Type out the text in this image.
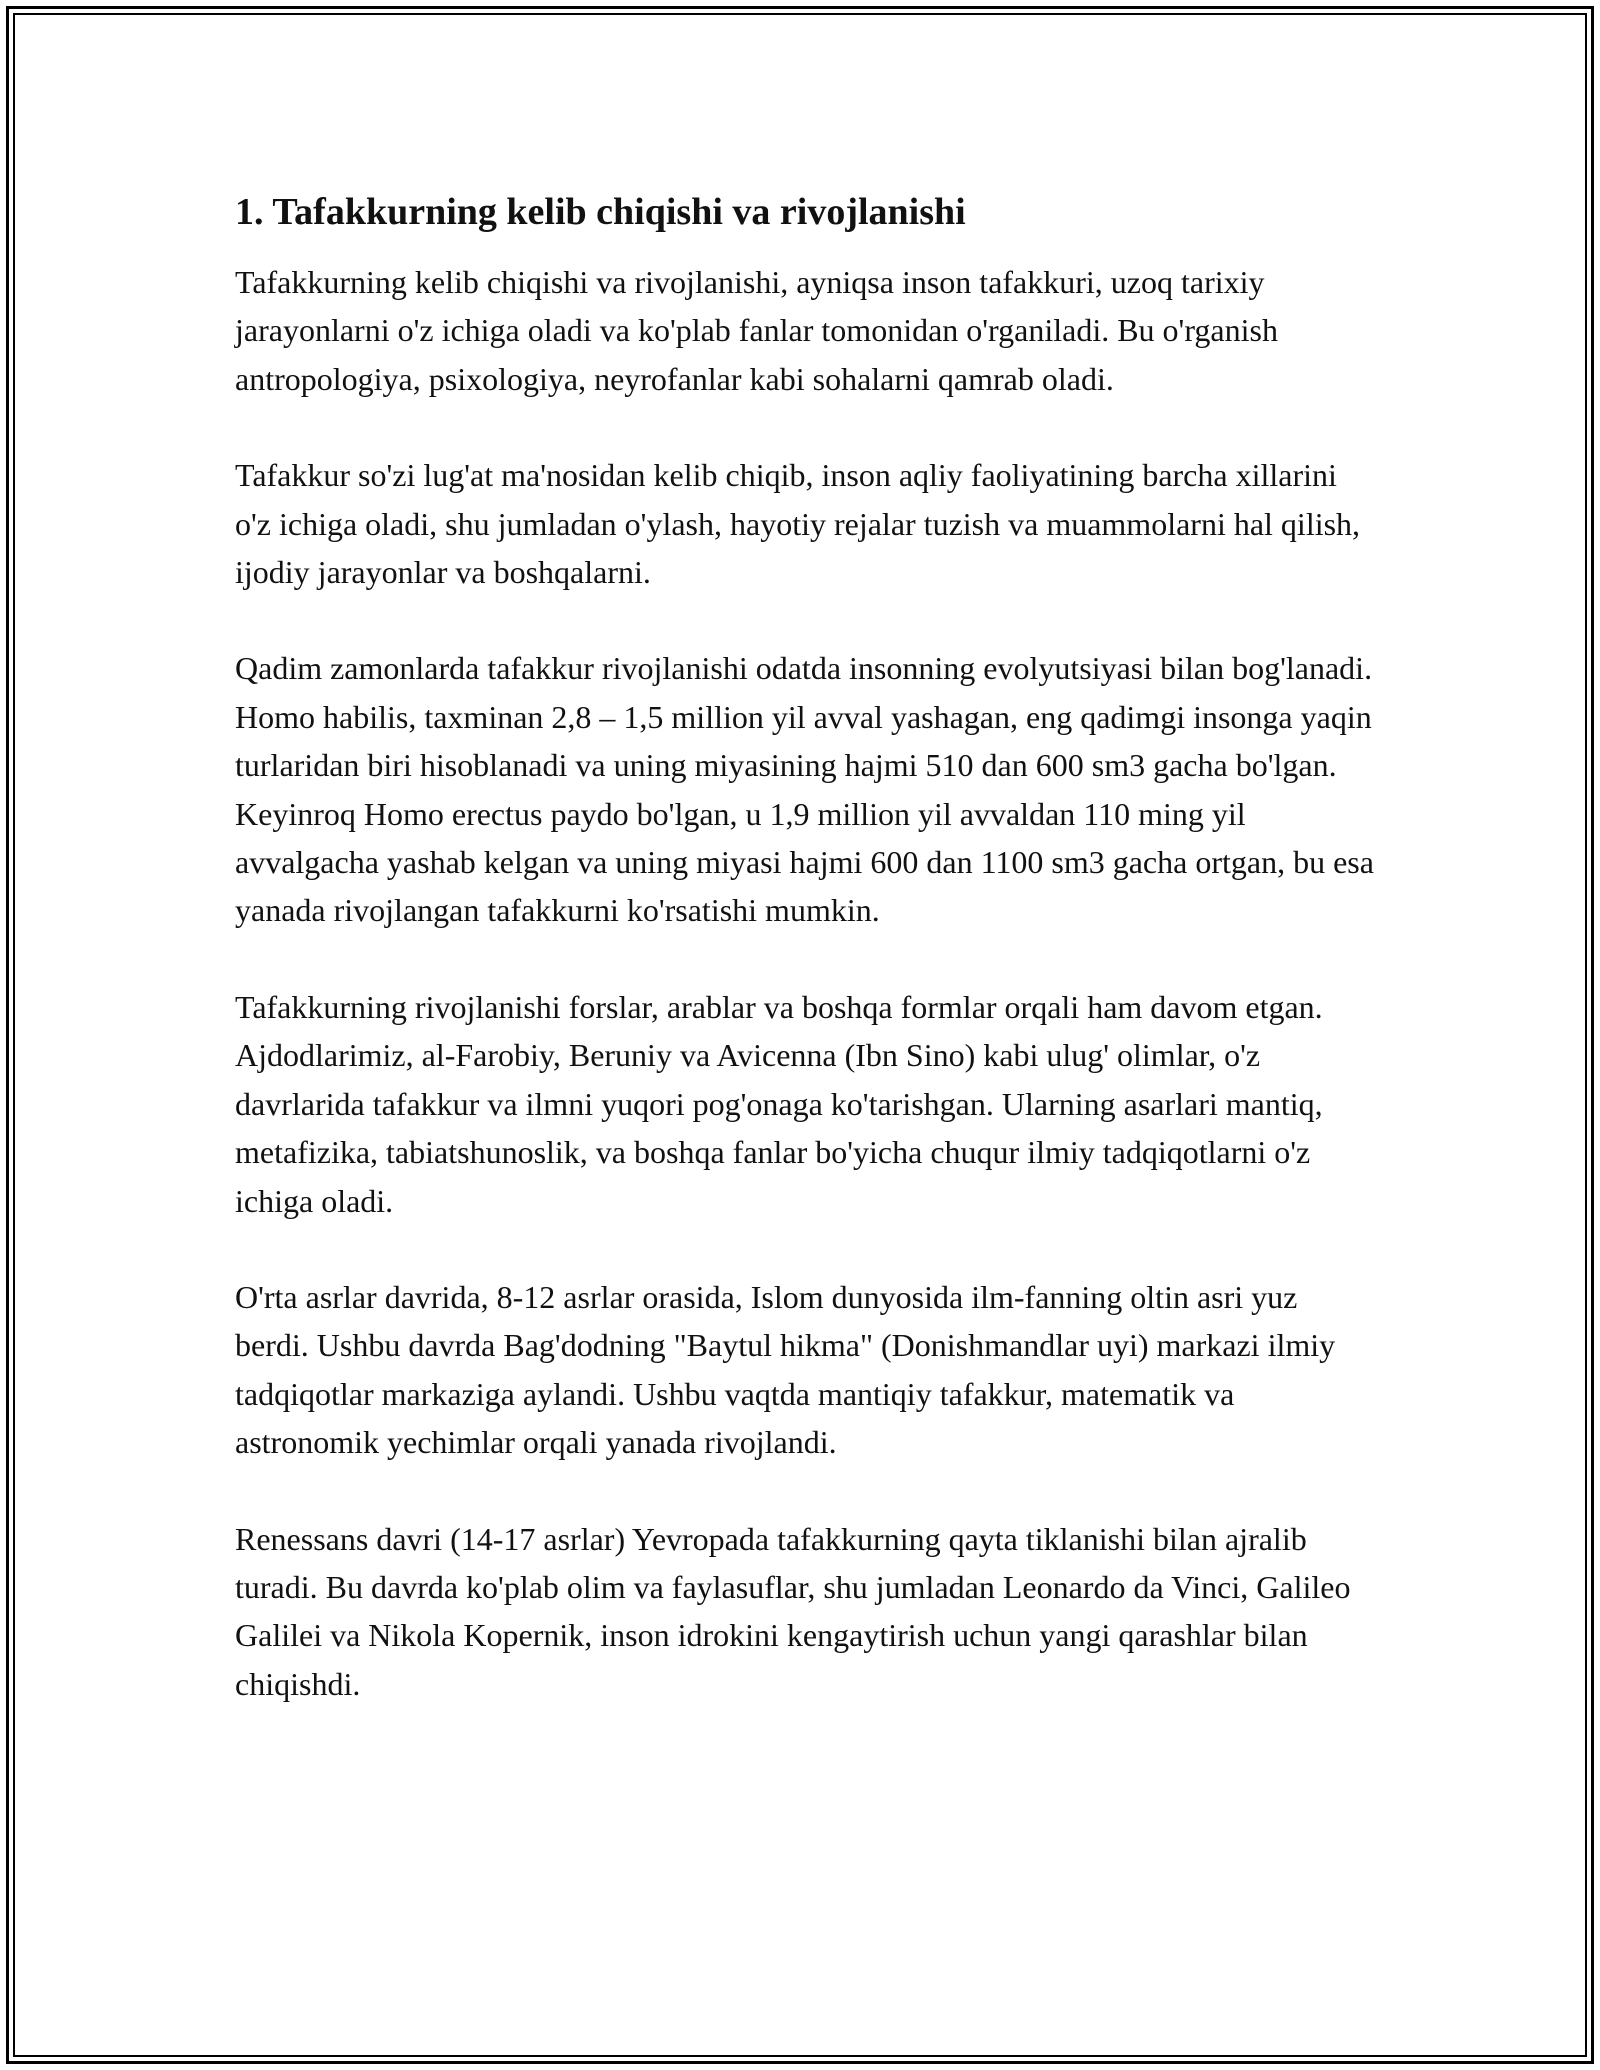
1. Tafakkurning kelib chiqishi va rivojlanishi

Tafakkurning kelib chiqishi va rivojlanishi, ayniqsa inson tafakkuri, uzoq tarixiy jarayonlarni o'z ichiga oladi va ko'plab fanlar tomonidan o'rganiladi. Bu o'rganish antropologiya, psixologiya, neyrofanlar kabi sohalarni qamrab oladi.

Tafakkur so'zi lug'at ma'nosidan kelib chiqib, inson aqliy faoliyatining barcha xillarini o'z ichiga oladi, shu jumladan o'ylash, hayotiy rejalar tuzish va muammolarni hal qilish, ijodiy jarayonlar va boshqalarni.

Qadim zamonlarda tafakkur rivojlanishi odatda insonning evolyutsiyasi bilan bog'lanadi. Homo habilis, taxminan 2,8 – 1,5 million yil avval yashagan, eng qadimgi insonga yaqin turlaridan biri hisoblanadi va uning miyasining hajmi 510 dan 600 sm3 gacha bo'lgan. Keyinroq Homo erectus paydo bo'lgan, u 1,9 million yil avvaldan 110 ming yil avvalgacha yashab kelgan va uning miyasi hajmi 600 dan 1100 sm3 gacha ortgan, bu esa yanada rivojlangan tafakkurni ko'rsatishi mumkin.

Tafakkurning rivojlanishi forslar, arablar va boshqa formlar orqali ham davom etgan. Ajdodlarimiz, al-Farobiy, Beruniy va Avicenna (Ibn Sino) kabi ulug' olimlar, o'z davrlarida tafakkur va ilmni yuqori pog'onaga ko'tarishgan. Ularning asarlari mantiq, metafizika, tabiatshunoslik, va boshqa fanlar bo'yicha chuqur ilmiy tadqiqotlarni o'z ichiga oladi.

O'rta asrlar davrida, 8-12 asrlar orasida, Islom dunyosida ilm-fanning oltin asri yuz berdi. Ushbu davrda Bag'dodning "Baytul hikma" (Donishmandlar uyi) markazi ilmiy tadqiqotlar markaziga aylandi. Ushbu vaqtda mantiqiy tafakkur, matematik va astronomik yechimlar orqali yanada rivojlandi.

Renessans davri (14-17 asrlar) Yevropada tafakkurning qayta tiklanishi bilan ajralib turadi. Bu davrda ko'plab olim va faylasuflar, shu jumladan Leonardo da Vinci, Galileo Galilei va Nikola Kopernik, inson idrokini kengaytirish uchun yangi qarashlar bilan chiqishdi.
